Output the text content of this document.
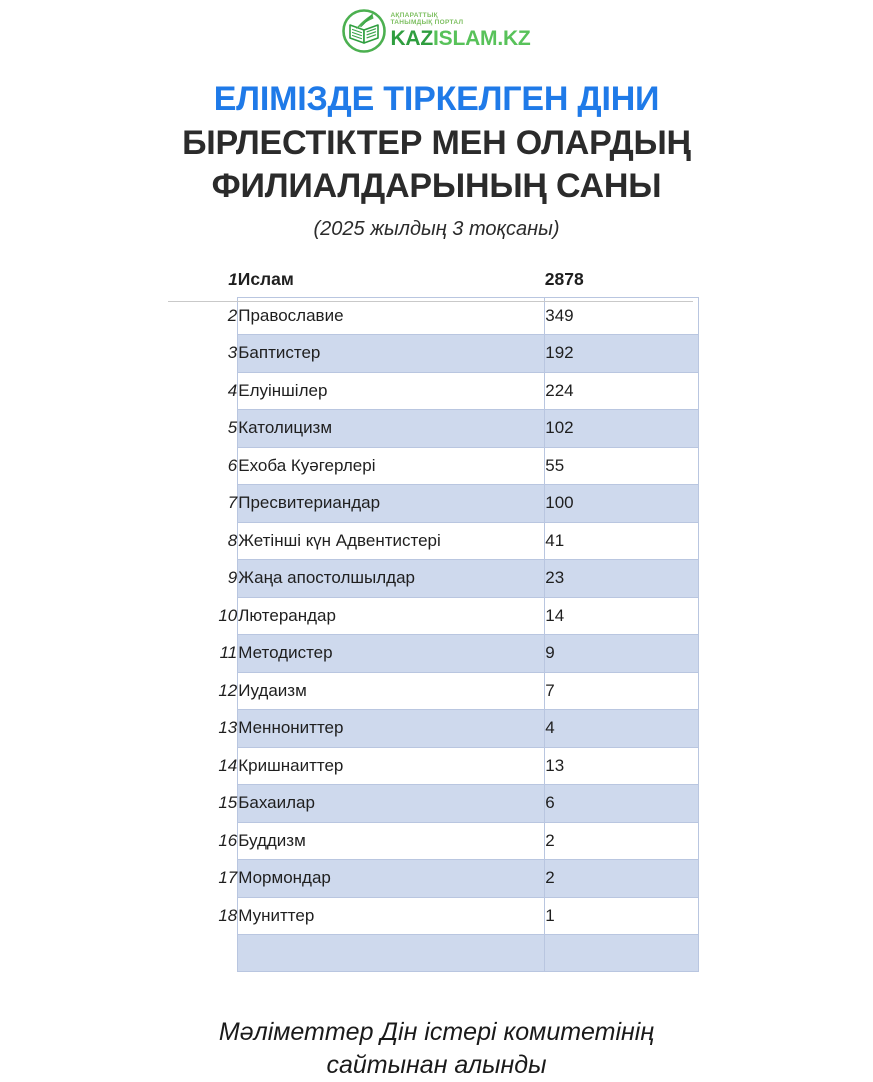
АҚПАРАТТЫҚ
ТАНЫМДЫҚ ПОРТАЛ
KAZISLAM.KZ
ЕЛІМІЗДЕ ТІРКЕЛГЕН ДІНИ
БІРЛЕСТІКТЕР МЕН ОЛАРДЫҢ
ФИЛИАЛДАРЫНЫҢ САНЫ
(2025 жылдың 3 тоқсаны)
1	Ислам	2878
2	Православие	349
3	Баптистер	192
4	Елуіншілер	224
5	Католицизм	102
6	Ехоба Куәгерлері	55
7	Пресвитериандар	100
8	Жетінші күн Адвентистері	41
9	Жаңа апостолшылдар	23
10	Лютерандар	14
11	Методистер	9
12	Иудаизм	7
13	Меннониттер	4
14	Кришнаиттер	13
15	Бахаилар	6
16	Буддизм	2
17	Мормондар	2
18	Муниттер	1

Мәліметтер Дін істері комитетінің
сайтынан алынды
